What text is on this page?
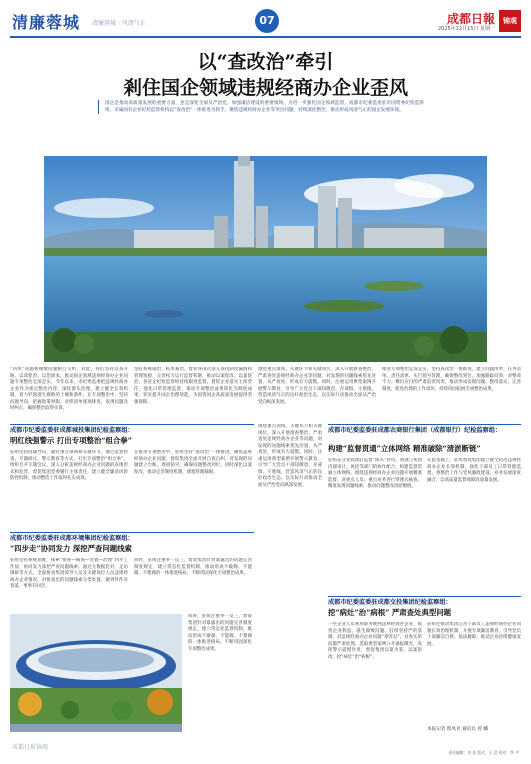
清廉蓉城 清廉蓉城 · 风清气正	07	成都日報
2025年12月15日 星期一
锦观
以“查改治”牵引
剎住国企领域违规经商办企业歪风
国企是推动高质量发展的重要力量，也是深化全面从严治党、加强廉洁建设的重要领域。为进一步强化国企领域监督，成都市纪委监委驻市国资委纪检监察组、市属国有企业纪检监察机构以“查改治”一体推进为抓手，聚焦违规经商办企业等突出问题，持续深化整治，推动形成风清气正的国企发展环境。
“四风”问题和腐败问题相互交织，对此，我们坚持以查开路、以改促治、以治固本，推动国企领域违规经商办企业问题专项整治走深走实。今年以来，市纪委监委把违规经商办企业作为重点整治内容，深化源头治理，建立健全长效机制，着力铲除滋生腐败的土壤和条件。在专项整治中，坚持问题导向，把握政策界限，对照清单逐项排查，发现问题及时纠正，确保整治取得实效。
坚持系统施治、标本兼治，督促各国企深入查找制度漏洞和管理短板，完善权力运行监督机制，推动以案促改、以案促治。各驻企纪检监察组持续跟进监督，督促企业落实主体责任，强化日常管理监督，推动专项整治成果转化为制度成果，切实提升国企治理效能，为国资国企高质量发展提供坚强保障。
围绕重点领域、关键环节和关键岗位，深入开展排查整治，严肃查处违规经商办企业等问题，对发现的问题线索优先处置、从严查处，形成有力震慑。同时，注重运用典型案例开展警示教育，引导广大党员干部知敬畏、存戒惧、守底线，营造风清气正的良好政治生态，以实际行动推动全面从严治党向纵深发展。
推进专项整治走深走实，坚持查改治一体推进，建立问题清单、任务清单、责任清单，实行销号管理，确保整改到位。加强跟踪问效，对整改不力、敷衍应付的严肃追责问责，推动形成发现问题、整改落实、完善制度、促进治理的工作闭环，持续巩固拓展专项整治成果。
成都市纪委监委驻成都城投集团纪检监察组：
明红线强警示 打出专项整治“组合拳”
驻组坚持问题导向，紧盯重点领域和关键环节，通过监督检查、专题研讨、警示教育等方式，打出专项整治“组合拳”。组织召开专题会议，深入分析违规经商办企业问题的表现形式和危害，督促集团党委履行主体责任，建立健全廉洁风险防控机制，推动整治工作取得扎实成效。
在推进专项整治中，驻组坚持“查改治”一体推进，聚焦违规经商办企业问题，督促集团全面开展自查自纠，对发现的问题建立台账、逐项销号，确保问题整改到位，同时深化以案促改，推动完善制度机制，堵塞管理漏洞。
成都市纪委监委驻成都环境集团纪检监察组：
“四步走”协同发力 深挖严查问题线索
驻组坚持系统思维，探索“排查—核查—处置—治理”四步工作法，协同发力深挖严查问题线索。通过大数据比对、走访调研等方式，全面排查集团领导人员及关键岗位人员违规经商办企业情况，对排查出的问题线索分类处置，做到件件有着落、事事有回音。
同时，驻组注重举一反三，督促集团针对暴露出的问题完善制度规定，建立常态化监督机制，推动形成不敢腐、不能腐、不想腐的一体推进格局，不断巩固深化专项整治成果。
成都日报锦观
同时，驻组注重举一反三，督促集团针对暴露出的问题完善制度规定，建立常态化监督机制，推动形成不敢腐、不能腐、不想腐的一体推进格局，不断巩固深化专项整治成果。
围绕重点领域、关键环节和关键岗位，深入开展排查整治，严肃查处违规经商办企业等问题，对发现的问题线索优先处置、从严查处，形成有力震慑。同时，注重运用典型案例开展警示教育，引导广大党员干部知敬畏、存戒惧、守底线，营造风清气正的良好政治生态，以实际行动推动全面从严治党向纵深发展。
成都市纪委监委驻成都农商银行集团（成都银行）纪检监察组：
构建“监督贯通”立体网络 精准破除“清淤断链”
驻组充分发挥派驻监督“探头”作用，加强与集团内部审计、风控等部门的协作配合，构建监督贯通立体网络。围绕违规经商办企业问题开展精准监督，对重点人员、重点业务进行穿透式核查，精准发现问题线索，推动问题整改清淤断链。
在此基础上，驻组督促集团建立健全防范违规经商办企业长效机制，强化干部员工日常管理监督，将整治工作与党风廉政建设、业务发展深度融合，以高质量监督保障高质量发展。
成都市纪委监委驻成都交投集团纪检监察组：
挖“病灶”治“病根” 严肃查处典型问题
一些企业人员利用职务便利违规经商办企业，损害企业利益，滋生腐败问题。驻组坚持严的基调，对违规经商办企业问题“零容忍”，对查实的问题严肃处理，选取典型案例公开通报曝光，发挥警示震慑作用，督促集团以案为鉴、以案促改，挖“病灶”治“病根”。
驻组还推动集团完善干部员工违规经商办企业问题长效治理机制，开展专项廉洁教育，引导党员干部廉洁自律、依法履职，推动企业持续健康发展。
本报记者 程凤君 通讯员 曾 麟
责任编辑：刘 佳 版式：王 浩 校对：李 平
